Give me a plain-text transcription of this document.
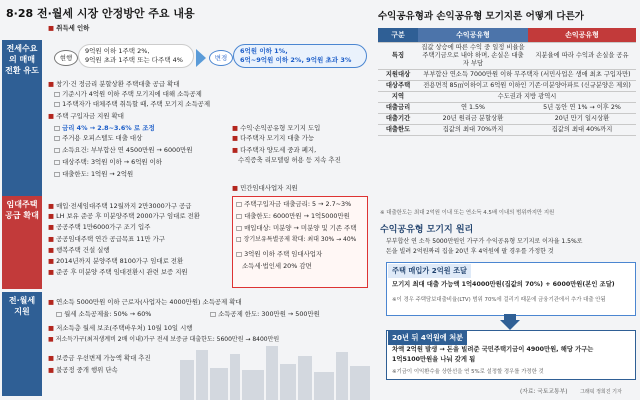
8·28 전·월세 시장 안정방안 주요 내용
전세수요의 매매 전환 유도
임대주택 공급 확대
전·월세 지원
■ 취득세 인하
현행
9억원 이하 1주택 2%,
9억원 초과 1주택 또는 다주택 4%	변경
6억원 이하 1%,
6억~9억원 이하 2%, 9억원 초과 3%
■ 창기·건 정금리 분할상환 주택대출 공급 확대
□ 기준시가 4억원 이하 주택 모기지에 대해 소득공제
□ 1주택자가 대체주택 취득할 때, 주택 모기지 소득공제
■ 주택 구입자금 지원 확대
□ 금리 4% → 2.8~3.6% 로 조정
□ 주거용 오피스텔도 대출 대상
□ 소득요건: 부부합산 연 4500만원 → 6000만원
□ 대상주택: 3억원 이하 → 6억원 이하
□ 대출한도: 1억원 → 2억원
■ 수익·손익공유형 모기지 도입
■ 다주택자 모기지 대출 가능
■ 다주택자 양도세 중과 폐지,
수직증축 리모델링 허용 등 지속 추진
■ 매입·전세임대주택 12월까지 2만3000가구 공급
■ LH 보유 준공 후 미분양주택 2000가구 임대로 전환
■ 공공주택 1만6000가구 조기 입주
■ 공공임대주택 연간 공급목표 11만 가구
■ 행복주택 건설 실행
■ 2014년까지 분양주택 8100가구 임대로 전환
■ 준공 후 미분양 주택 임대전환시 관련 보증 지원
■ 민간임대사업자 지원
□ 주택구입자금 대출금리: 5 → 2.7~3%
□ 대출한도: 6000만원 → 1억5000만원
□ 매입대상: 미분양 → 미분양 및 기존 주택
□ 장기보유특별공제 확대: 최대 30% → 40%
□ 3억원 이하 주택 임대사업자
소득세·법인세 20% 감면
■ 연소득 5000만원 이하 근로자(사업자는 4000만원) 소득공제 확대
□ 월세 소득공제율: 50% → 60%	□ 소득공제 한도: 300만원 → 500만원
■ 저소득층 월세 보조(주택바우처) 10월 10일 시행
■ 저소득가구(최저생계비 2배 이내)가구 전세 보증금 대출한도: 5600만원 → 8400만원
■ 보증금 우선변제 가능액 확대 추진
■ 불공정 중개 행위 단속
수익공유형과 손익공유형 모기지론 어떻게 다른가
구분	수익공유형	손익공유형
특징	집값 상승에 따른 수익 중 일정 비율을 주택기금으로 내야 하며, 손실은 대출자 부담	지분율에 따라 수익과 손실을 공유
지원대상	부부합산 연소득 7000만원 이하 무주택자 (서민사업은 생애 최초 구입자만)	
대상주택	전용면적 85㎡이하이고 6억원 이하인 기존·미분양아파트 (신규분양은 제외)	
지역	수도권과 지방 광역시	
대출금리	연 1.5%	5년 동안 연 1% → 이후 2%
대출기간	20년 원리금 분할상환	20년 만기 일시상환
대출한도	집값의 최대 70%까지	집값의 최대 40%까지
※ 대출한도는 최대 2억원 이내 또는 연소득 4.5배 이내의 범위까지만 지원
수익공유형 모기지 원리
부부합산 연 소득 5000만원인 가구가 수익공유형 모기지로 이자율 1.5%로
돈을 빌려 2억원짜리 집을 20년 후 4억원에 팔 경우를 가정한 것
주택 매입가 2억원 조달
모기지 최대 대출 가능액 1억4000만원(집값의 70%) + 6000만원(본인 조달)
※이 경우 주택담보대출비율(LTV) 범위 70%에 걸리기 때문에 금융기관에서 추가 대출 안됨
20년 뒤 4억원에 처분
차액 2억원 발생 → 돈을 빌려준 국민주택기금이 4900만원, 해당 가구는
1억5100만원을 나눠 갖게 됨
※기금이 이익환수율 상한선을 연 5%로 설정할 경우를 가정한 것
(자료: 국토교통부) 그래픽 정희진 기자
